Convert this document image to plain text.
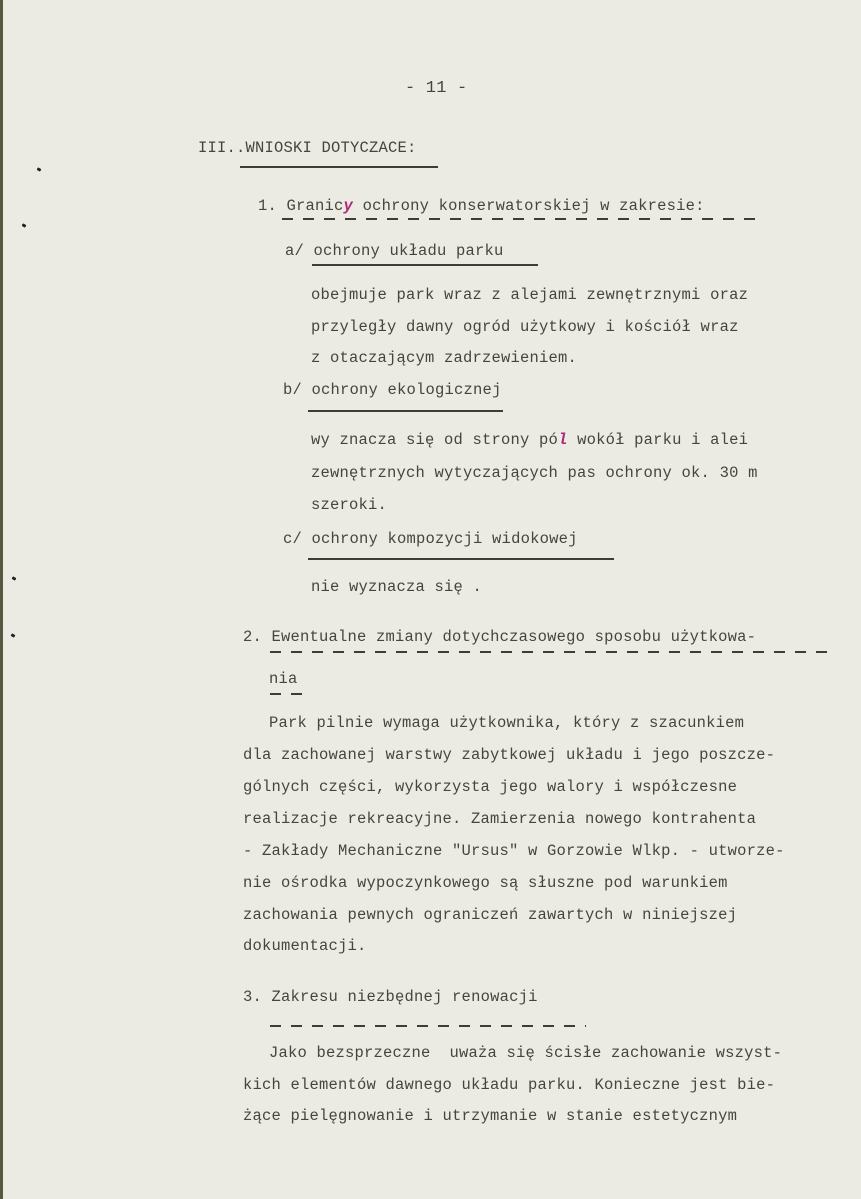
- 11 -
III..WNIOSKI DOTYCZACE:
1. Granicy ochrony konserwatorskiej w zakresie:
a/ ochrony układu parku
obejmuje park wraz z alejami zewnętrznymi oraz
przyległy dawny ogród użytkowy i kościół wraz
z otaczającym zadrzewieniem.
b/ ochrony ekologicznej
wy znacza się od strony pól wokół parku i alei
zewnętrznych wytyczających pas ochrony ok. 30 m
szeroki.
c/ ochrony kompozycji widokowej
nie wyznacza się .
2. Ewentualne zmiany dotychczasowego sposobu użytkowa-
nia
Park pilnie wymaga użytkownika, który z szacunkiem
dla zachowanej warstwy zabytkowej układu i jego poszcze-
gólnych części, wykorzysta jego walory i współczesne
realizacje rekreacyjne. Zamierzenia nowego kontrahenta
- Zakłady Mechaniczne "Ursus" w Gorzowie Wlkp. - utworze-
nie ośrodka wypoczynkowego są słuszne pod warunkiem
zachowania pewnych ograniczeń zawartych w niniejszej
dokumentacji.
3. Zakresu niezbędnej renowacji
Jako bezsprzeczne  uważa się ścisłe zachowanie wszyst-
kich elementów dawnego układu parku. Konieczne jest bie-
żące pielęgnowanie i utrzymanie w stanie estetycznym
